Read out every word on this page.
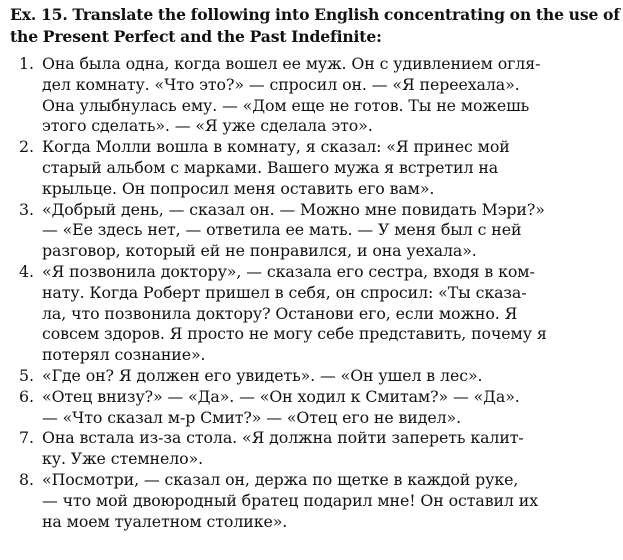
Ex. 15. Translate the following into English concentrating on the use of
the Present Perfect and the Past Indefinite:
1. Она была одна, когда вошел ее муж. Он с удивлением огля-
дел комнату. «Что это?» — спросил он. — «Я переехала».
Она улыбнулась ему. — «Дом еще не готов. Ты не можешь
этого сделать». — «Я уже сделала это».
2. Когда Молли вошла в комнату, я сказал: «Я принес мой
старый альбом с марками. Вашего мужа я встретил на
крыльце. Он попросил меня оставить его вам».
3. «Добрый день, — сказал он. — Можно мне повидать Мэри?»
— «Ее здесь нет, — ответила ее мать. — У меня был с ней
разговор, который ей не понравился, и она уехала».
4. «Я позвонила доктору», — сказала его сестра, входя в ком-
нату. Когда Роберт пришел в себя, он спросил: «Ты сказа-
ла, что позвонила доктору? Останови его, если можно. Я
совсем здоров. Я просто не могу себе представить, почему я
потерял сознание».
5. «Где он? Я должен его увидеть». — «Он ушел в лес».
6. «Отец внизу?» — «Да». — «Он ходил к Смитам?» — «Да».
— «Что сказал м-р Смит?» — «Отец его не видел».
7. Она встала из-за стола. «Я должна пойти запереть калит-
ку. Уже стемнело».
8. «Посмотри, — сказал он, держа по щетке в каждой руке,
— что мой двоюродный братец подарил мне! Он оставил их
на моем туалетном столике».
